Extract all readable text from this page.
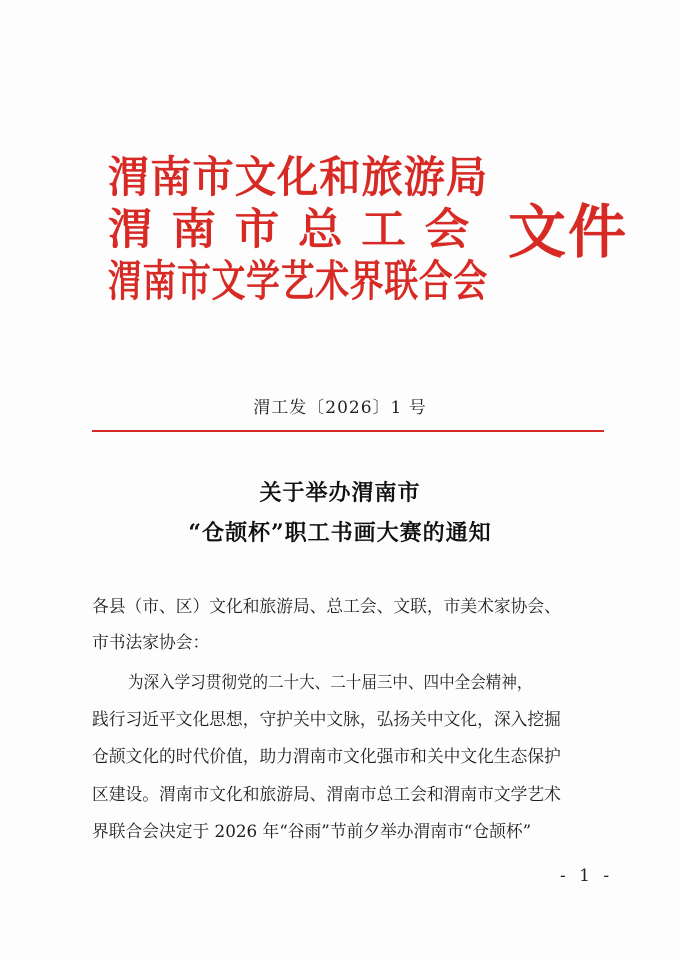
渭南市文化和旅游局
渭南市总工会
渭南市文学艺术界联合会
文件
渭工发〔2026〕1 号
关于举办渭南市
“仓颉杯”职工书画大赛的通知
各县（市、区）文化和旅游局、总工会、文联，市美术家协会、
市书法家协会：
为深入学习贯彻党的二十大、二十届三中、四中全会精神，
践行习近平文化思想，守护关中文脉，弘扬关中文化，深入挖掘
仓颉文化的时代价值，助力渭南市文化强市和关中文化生态保护
区建设。渭南市文化和旅游局、渭南市总工会和渭南市文学艺术
界联合会决定于 2026 年“谷雨”节前夕举办渭南市“仓颉杯”
- 1 -
